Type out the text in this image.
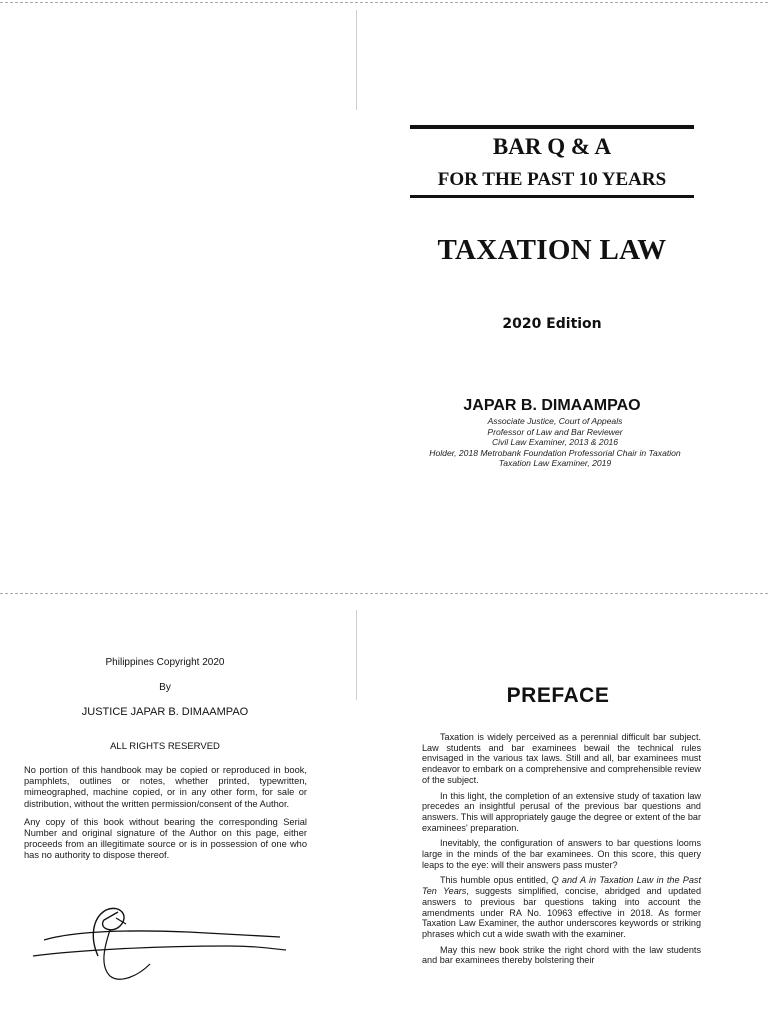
BAR Q & A
FOR THE PAST 10 YEARS
TAXATION LAW
2020 Edition
JAPAR B. DIMAAMPAO
Associate Justice, Court of Appeals
Professor of Law and Bar Reviewer
Civil Law Examiner, 2013 & 2016
Holder, 2018 Metrobank Foundation Professorial Chair in Taxation
Taxation Law Examiner, 2019
Philippines Copyright 2020
By
JUSTICE JAPAR B. DIMAAMPAO
ALL RIGHTS RESERVED

No portion of this handbook may be copied or reproduced in book, pamphlets, outlines or notes, whether printed, typewritten, mimeographed, machine copied, or in any other form, for sale or distribution, without the written permission/consent of the Author.

Any copy of this book without bearing the corresponding Serial Number and original signature of the Author on this page, either proceeds from an illegitimate source or is in possession of one who has no authority to dispose thereof.

PREFACE

Taxation is widely perceived as a perennial difficult bar subject. Law students and bar examinees bewail the technical rules envisaged in the various tax laws. Still and all, bar examinees must endeavor to embark on a comprehensive and comprehensible review of the subject.

In this light, the completion of an extensive study of taxation law precedes an insightful perusal of the previous bar questions and answers. This will appropriately gauge the degree or extent of the bar examinees' preparation.

Inevitably, the configuration of answers to bar questions looms large in the minds of the bar examinees. On this score, this query leaps to the eye: will their answers pass muster?

This humble opus entitled, Q and A in Taxation Law in the Past Ten Years, suggests simplified, concise, abridged and updated answers to previous bar questions taking into account the amendments under RA No. 10963 effective in 2018. As former Taxation Law Examiner, the author underscores keywords or striking phrases which cut a wide swath with the examiner.

May this new book strike the right chord with the law students and bar examinees thereby bolstering their
